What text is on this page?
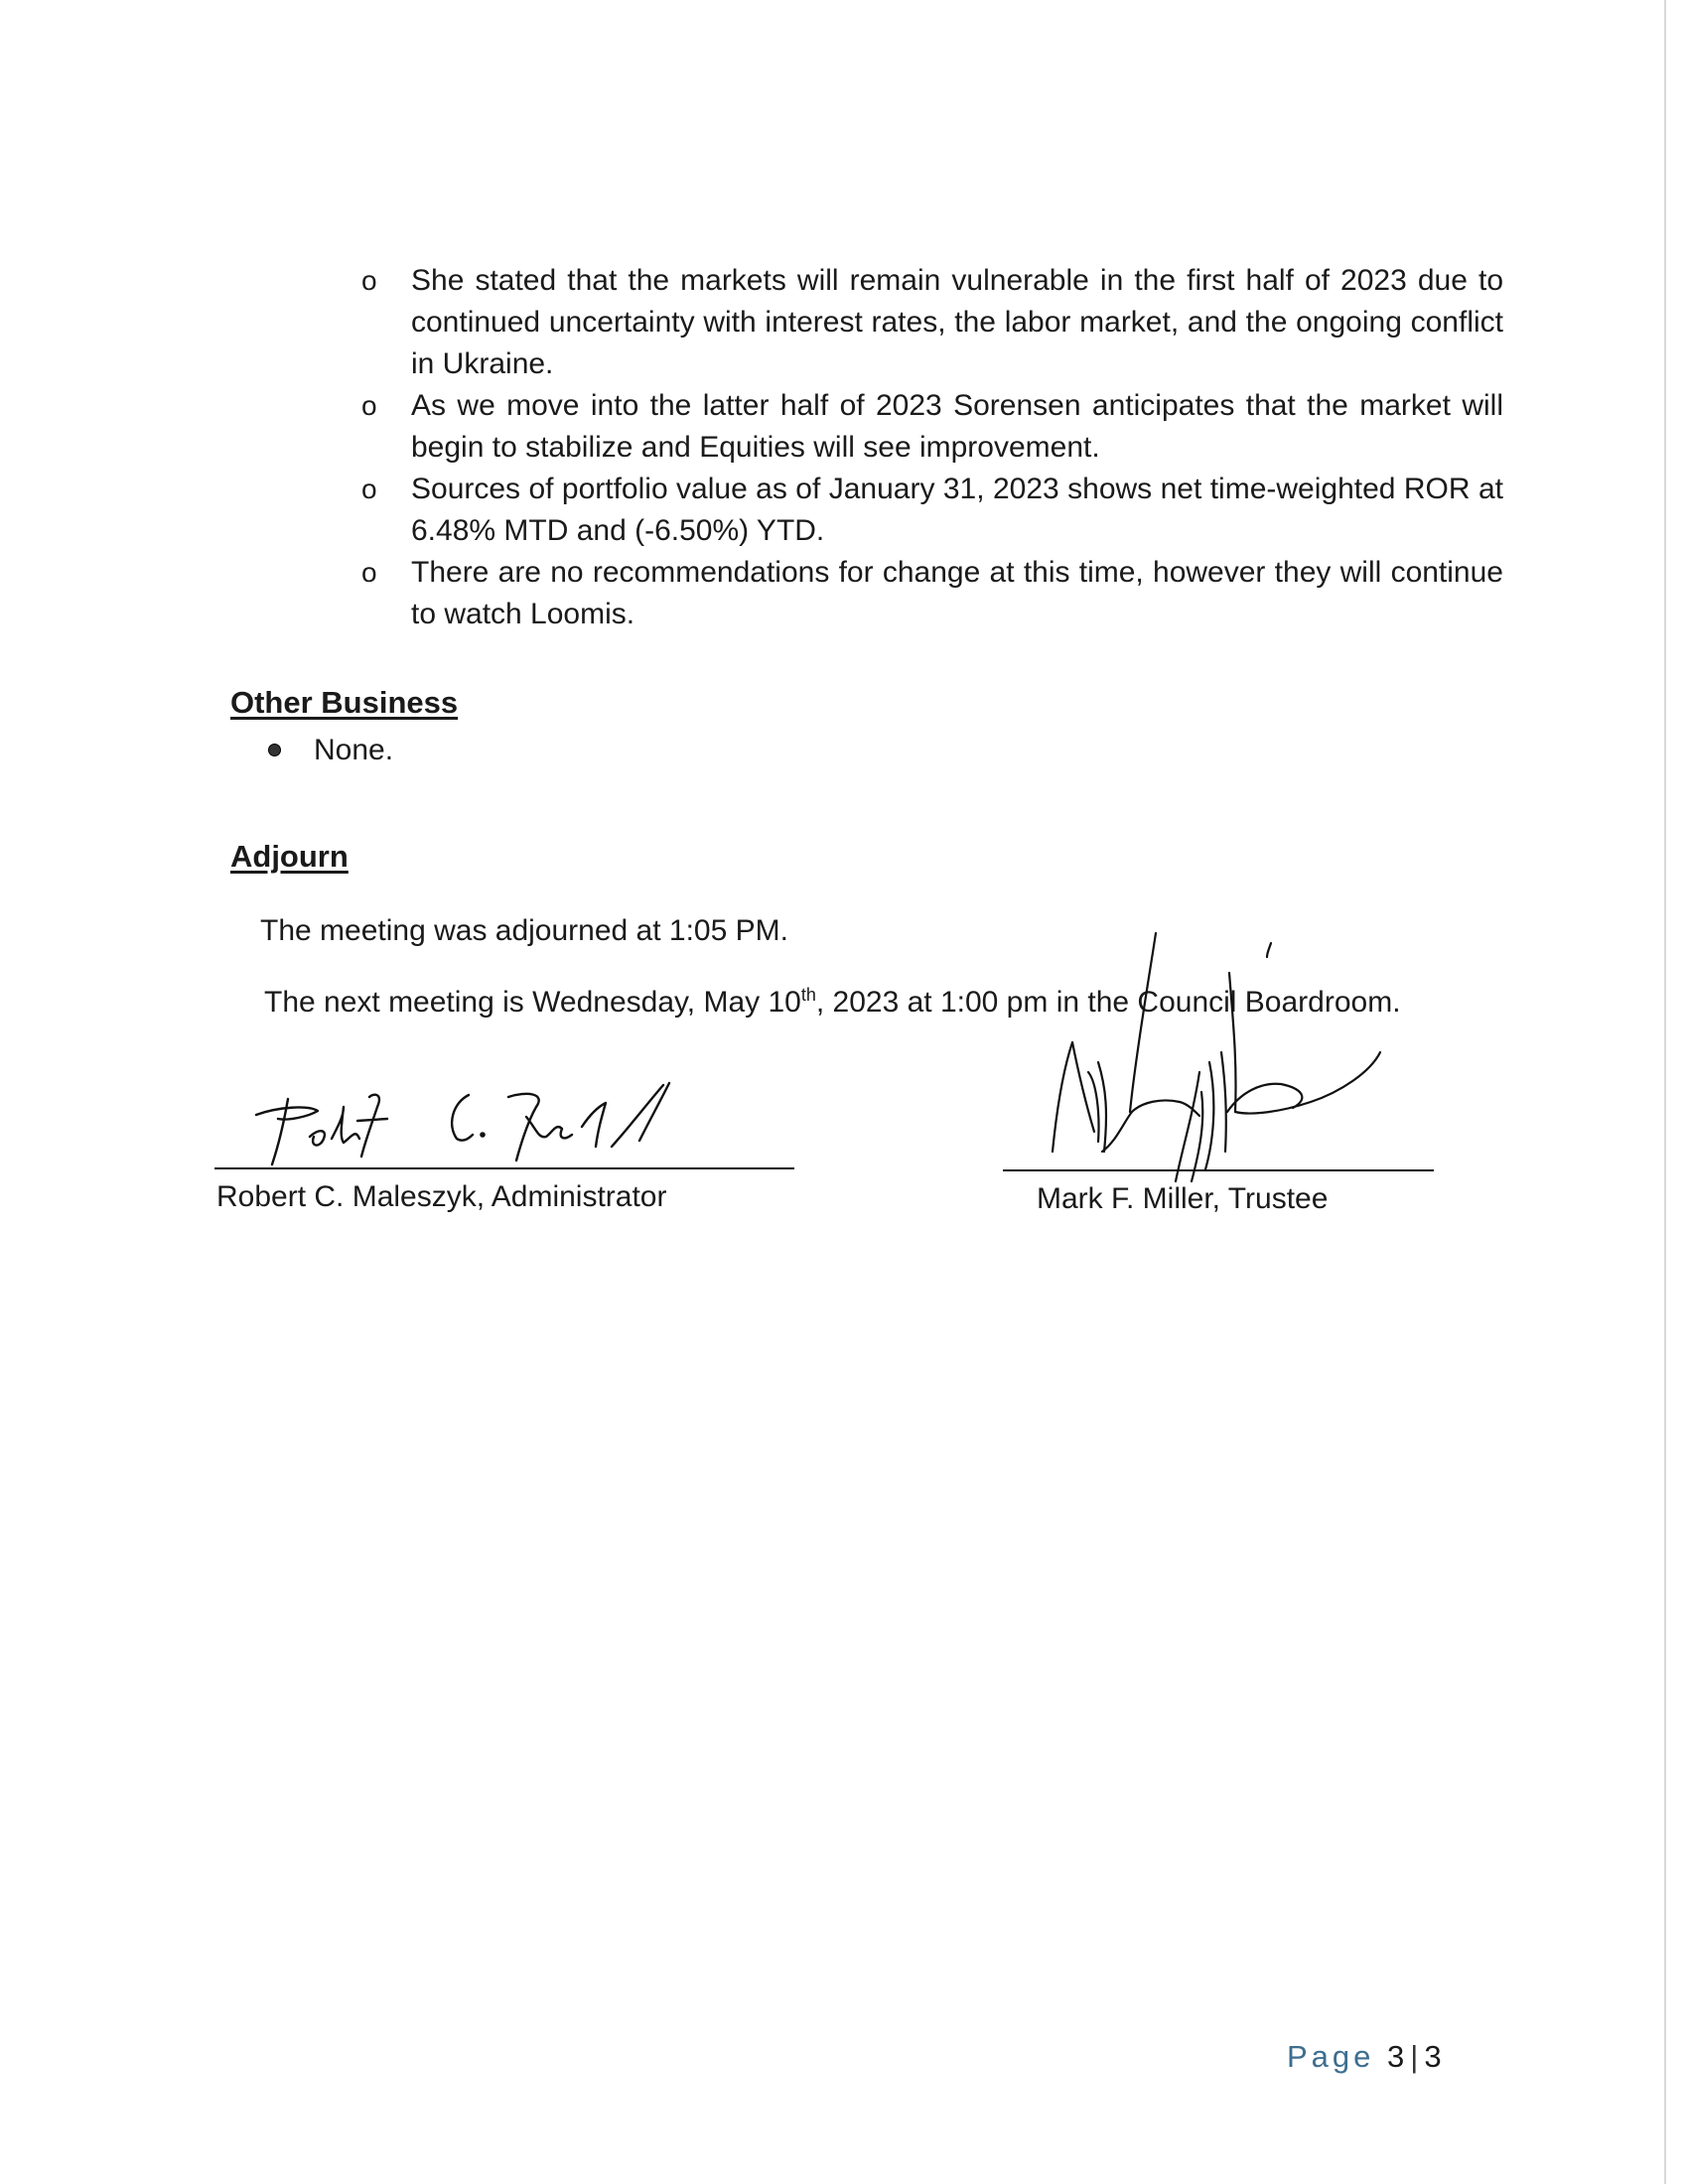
o She stated that the markets will remain vulnerable in the first half of 2023 due to continued uncertainty with interest rates, the labor market, and the ongoing conflict in Ukraine.
o As we move into the latter half of 2023 Sorensen anticipates that the market will begin to stabilize and Equities will see improvement.
o Sources of portfolio value as of January 31, 2023 shows net time-weighted ROR at 6.48% MTD and (-6.50%) YTD.
o There are no recommendations for change at this time, however they will continue to watch Loomis.
Other Business
None.
Adjourn

The meeting was adjourned at 1:05 PM.

The next meeting is Wednesday, May 10th, 2023 at 1:00 pm in the Council Boardroom.

Robert C. Maleszyk, Administrator	Mark F. Miller, Trustee

Page 3|3
